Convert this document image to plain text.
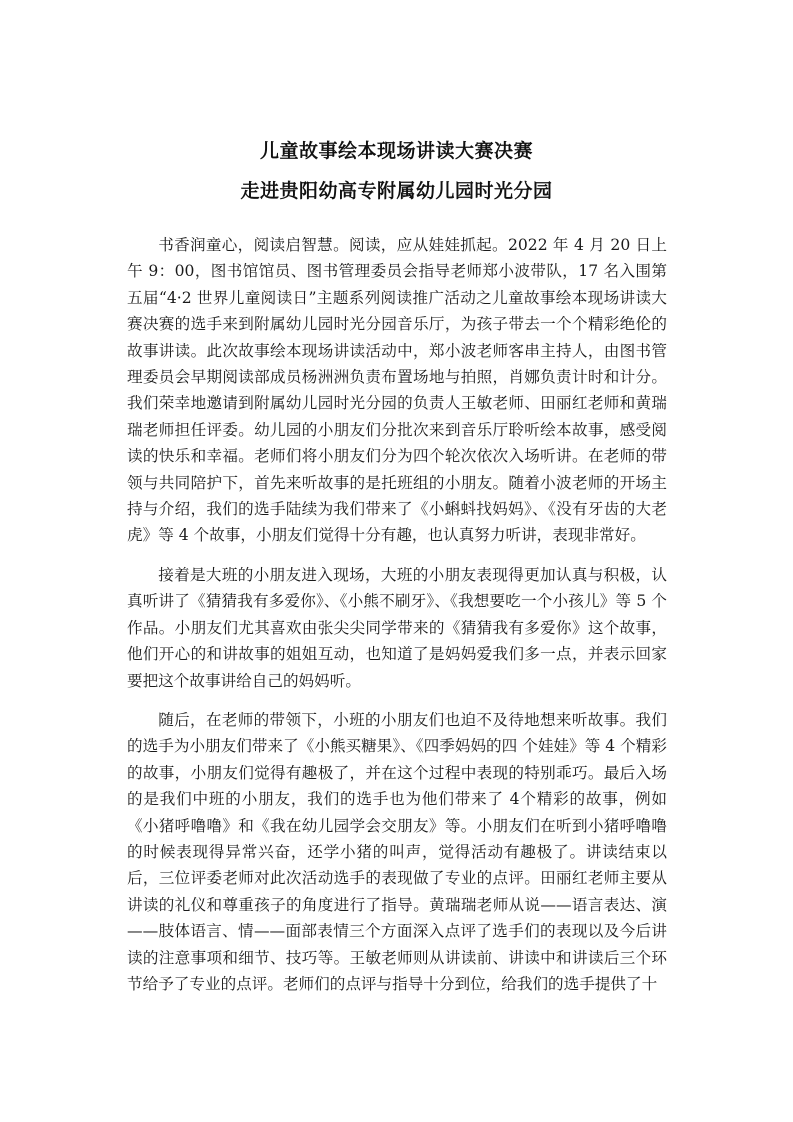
儿童故事绘本现场讲读大赛决赛
走进贵阳幼高专附属幼儿园时光分园

书香润童心，阅读启智慧。阅读，应从娃娃抓起。2022 年 4 月 20 日上午 9：00，图书馆馆员、图书管理委员会指导老师郑小波带队，17 名入围第五届“4·2 世界儿童阅读日”主题系列阅读推广活动之儿童故事绘本现场讲读大赛决赛的选手来到附属幼儿园时光分园音乐厅，为孩子带去一个个精彩绝伦的故事讲读。此次故事绘本现场讲读活动中，郑小波老师客串主持人，由图书管理委员会早期阅读部成员杨洲洲负责布置场地与拍照，肖娜负责计时和计分。我们荣幸地邀请到附属幼儿园时光分园的负责人王敏老师、田丽红老师和黄瑞瑞老师担任评委。幼儿园的小朋友们分批次来到音乐厅聆听绘本故事，感受阅读的快乐和幸福。老师们将小朋友们分为四个轮次依次入场听讲。在老师的带领与共同陪护下，首先来听故事的是托班组的小朋友。随着小波老师的开场主持与介绍，我们的选手陆续为我们带来了《小蝌蚪找妈妈》、《没有牙齿的大老虎》等 4 个故事，小朋友们觉得十分有趣，也认真努力听讲，表现非常好。

接着是大班的小朋友进入现场，大班的小朋友表现得更加认真与积极，认真听讲了《猜猜我有多爱你》、《小熊不刷牙》、《我想要吃一个小孩儿》等 5 个作品。小朋友们尤其喜欢由张尖尖同学带来的《猜猜我有多爱你》这个故事，他们开心的和讲故事的姐姐互动，也知道了是妈妈爱我们多一点，并表示回家要把这个故事讲给自己的妈妈听。

随后，在老师的带领下，小班的小朋友们也迫不及待地想来听故事。我们的选手为小朋友们带来了《小熊买糖果》、《四季妈妈的四 个娃娃》等 4 个精彩的故事，小朋友们觉得有趣极了，并在这个过程中表现的特别乖巧。最后入场的是我们中班的小朋友，我们的选手也为他们带来了 4个精彩的故事，例如《小猪呼噜噜》和《我在幼儿园学会交朋友》等。小朋友们在听到小猪呼噜噜的时候表现得异常兴奋，还学小猪的叫声，觉得活动有趣极了。讲读结束以后，三位评委老师对此次活动选手的表现做了专业的点评。田丽红老师主要从讲读的礼仪和尊重孩子的角度进行了指导。黄瑞瑞老师从说——语言表达、演——肢体语言、情——面部表情三个方面深入点评了选手们的表现以及今后讲读的注意事项和细节、技巧等。王敏老师则从讲读前、讲读中和讲读后三个环节给予了专业的点评。老师们的点评与指导十分到位，给我们的选手提供了十
